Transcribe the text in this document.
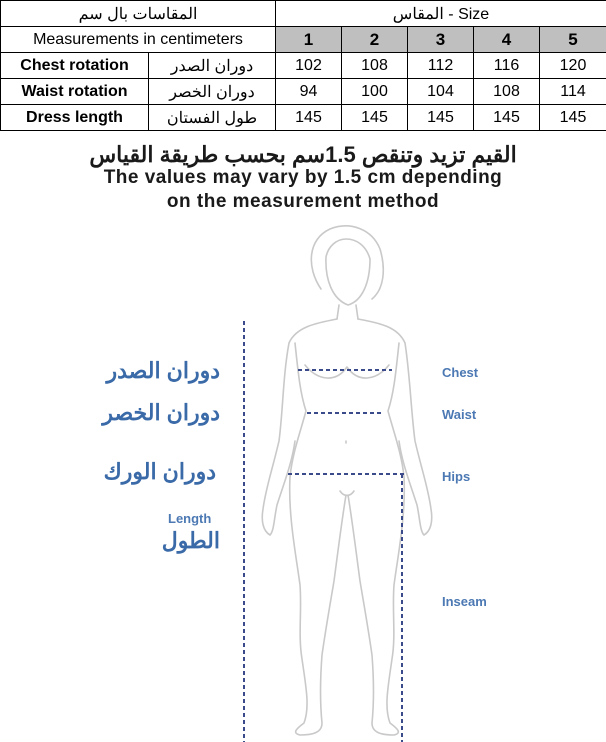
المقاسات بال سم		Size - المقاس				
Measurements in centimeters		1	2	3	4	5
Chest rotation	دوران الصدر	102	108	112	116	120
Waist rotation	دوران الخصر	94	100	104	108	114
Dress length	طول الفستان	145	145	145	145	145
القيم تزيد وتنقص 1.5سم بحسب طريقة القياس
The values may vary by 1.5 cm depending
on the measurement method
دوران الصدر
دوران الخصر
دوران الورك
Length
الطول
Chest
Waist
Hips
Inseam
